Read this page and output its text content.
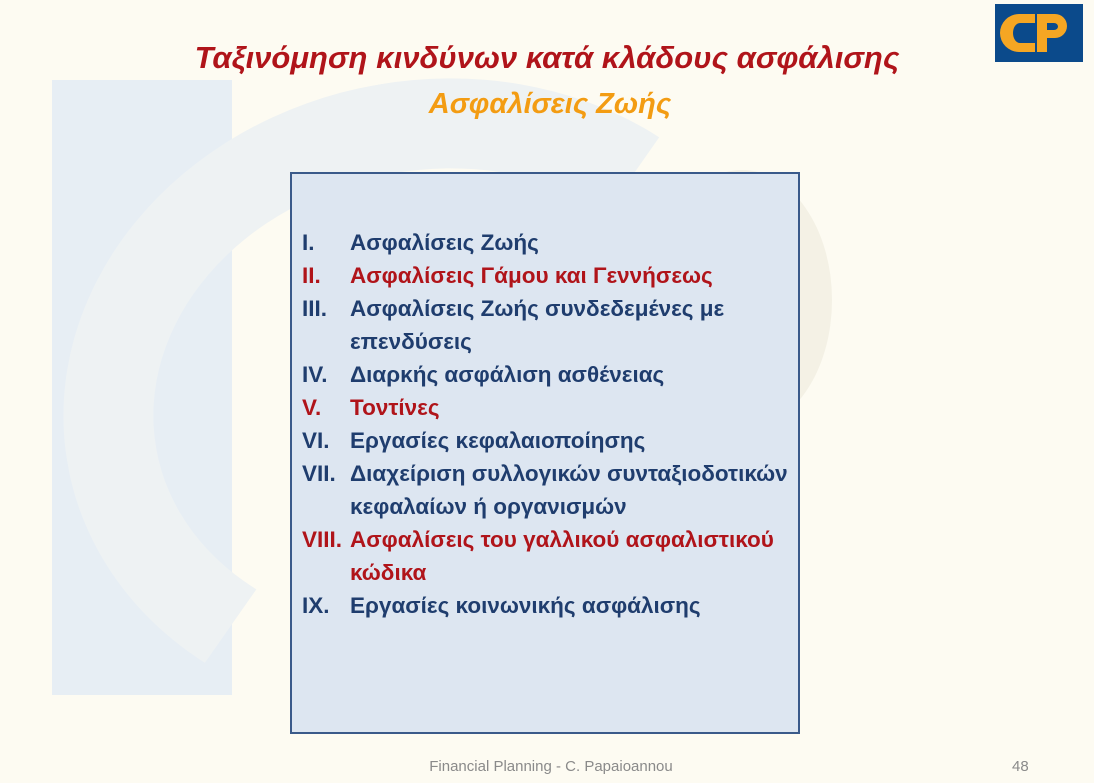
Ταξινόμηση κινδύνων κατά κλάδους ασφάλισης
Ασφαλίσεις Ζωής
I.	Ασφαλίσεις Ζωής
II.	Ασφαλίσεις Γάμου και Γεννήσεως
III.	Ασφαλίσεις Ζωής συνδεδεμένες με επενδύσεις
IV.	Διαρκής ασφάλιση ασθένειας
V.	Τοντίνες
VI. Εργασίες κεφαλαιοποίησης
VII. Διαχείριση συλλογικών συνταξιοδοτικών κεφαλαίων ή οργανισμών
VIII. Ασφαλίσεις του γαλλικού ασφαλιστικού κώδικα
IX. Εργασίες κοινωνικής ασφάλισης
Financial Planning - C. Papaioannou	48
